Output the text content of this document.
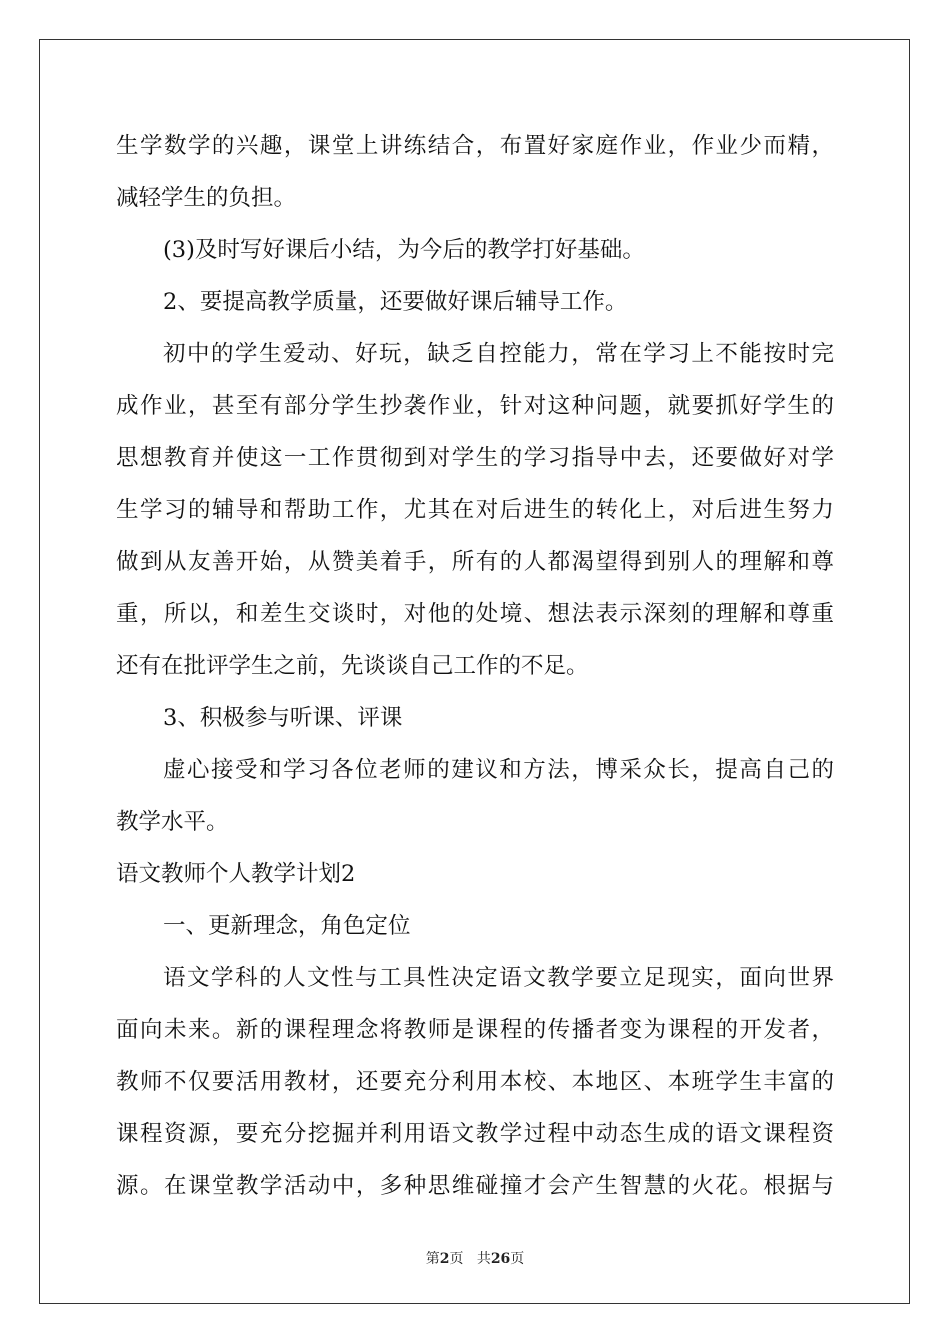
生学数学的兴趣，课堂上讲练结合，布置好家庭作业，作业少而精，
减轻学生的负担。
(3)及时写好课后小结，为今后的教学打好基础。
2、要提高教学质量，还要做好课后辅导工作。
初中的学生爱动、好玩，缺乏自控能力，常在学习上不能按时完
成作业，甚至有部分学生抄袭作业，针对这种问题，就要抓好学生的
思想教育并使这一工作贯彻到对学生的学习指导中去，还要做好对学
生学习的辅导和帮助工作，尤其在对后进生的转化上，对后进生努力
做到从友善开始，从赞美着手，所有的人都渴望得到别人的理解和尊
重，所以，和差生交谈时，对他的处境、想法表示深刻的理解和尊重
还有在批评学生之前，先谈谈自己工作的不足。
3、积极参与听课、评课
虚心接受和学习各位老师的建议和方法，博采众长，提高自己的
教学水平。
语文教师个人教学计划2
一、更新理念，角色定位
语文学科的人文性与工具性决定语文教学要立足现实，面向世界
面向未来。新的课程理念将教师是课程的传播者变为课程的开发者，
教师不仅要活用教材，还要充分利用本校、本地区、本班学生丰富的
课程资源，要充分挖掘并利用语文教学过程中动态生成的语文课程资
源。在课堂教学活动中，多种思维碰撞才会产生智慧的火花。根据与
第2页 共26页
